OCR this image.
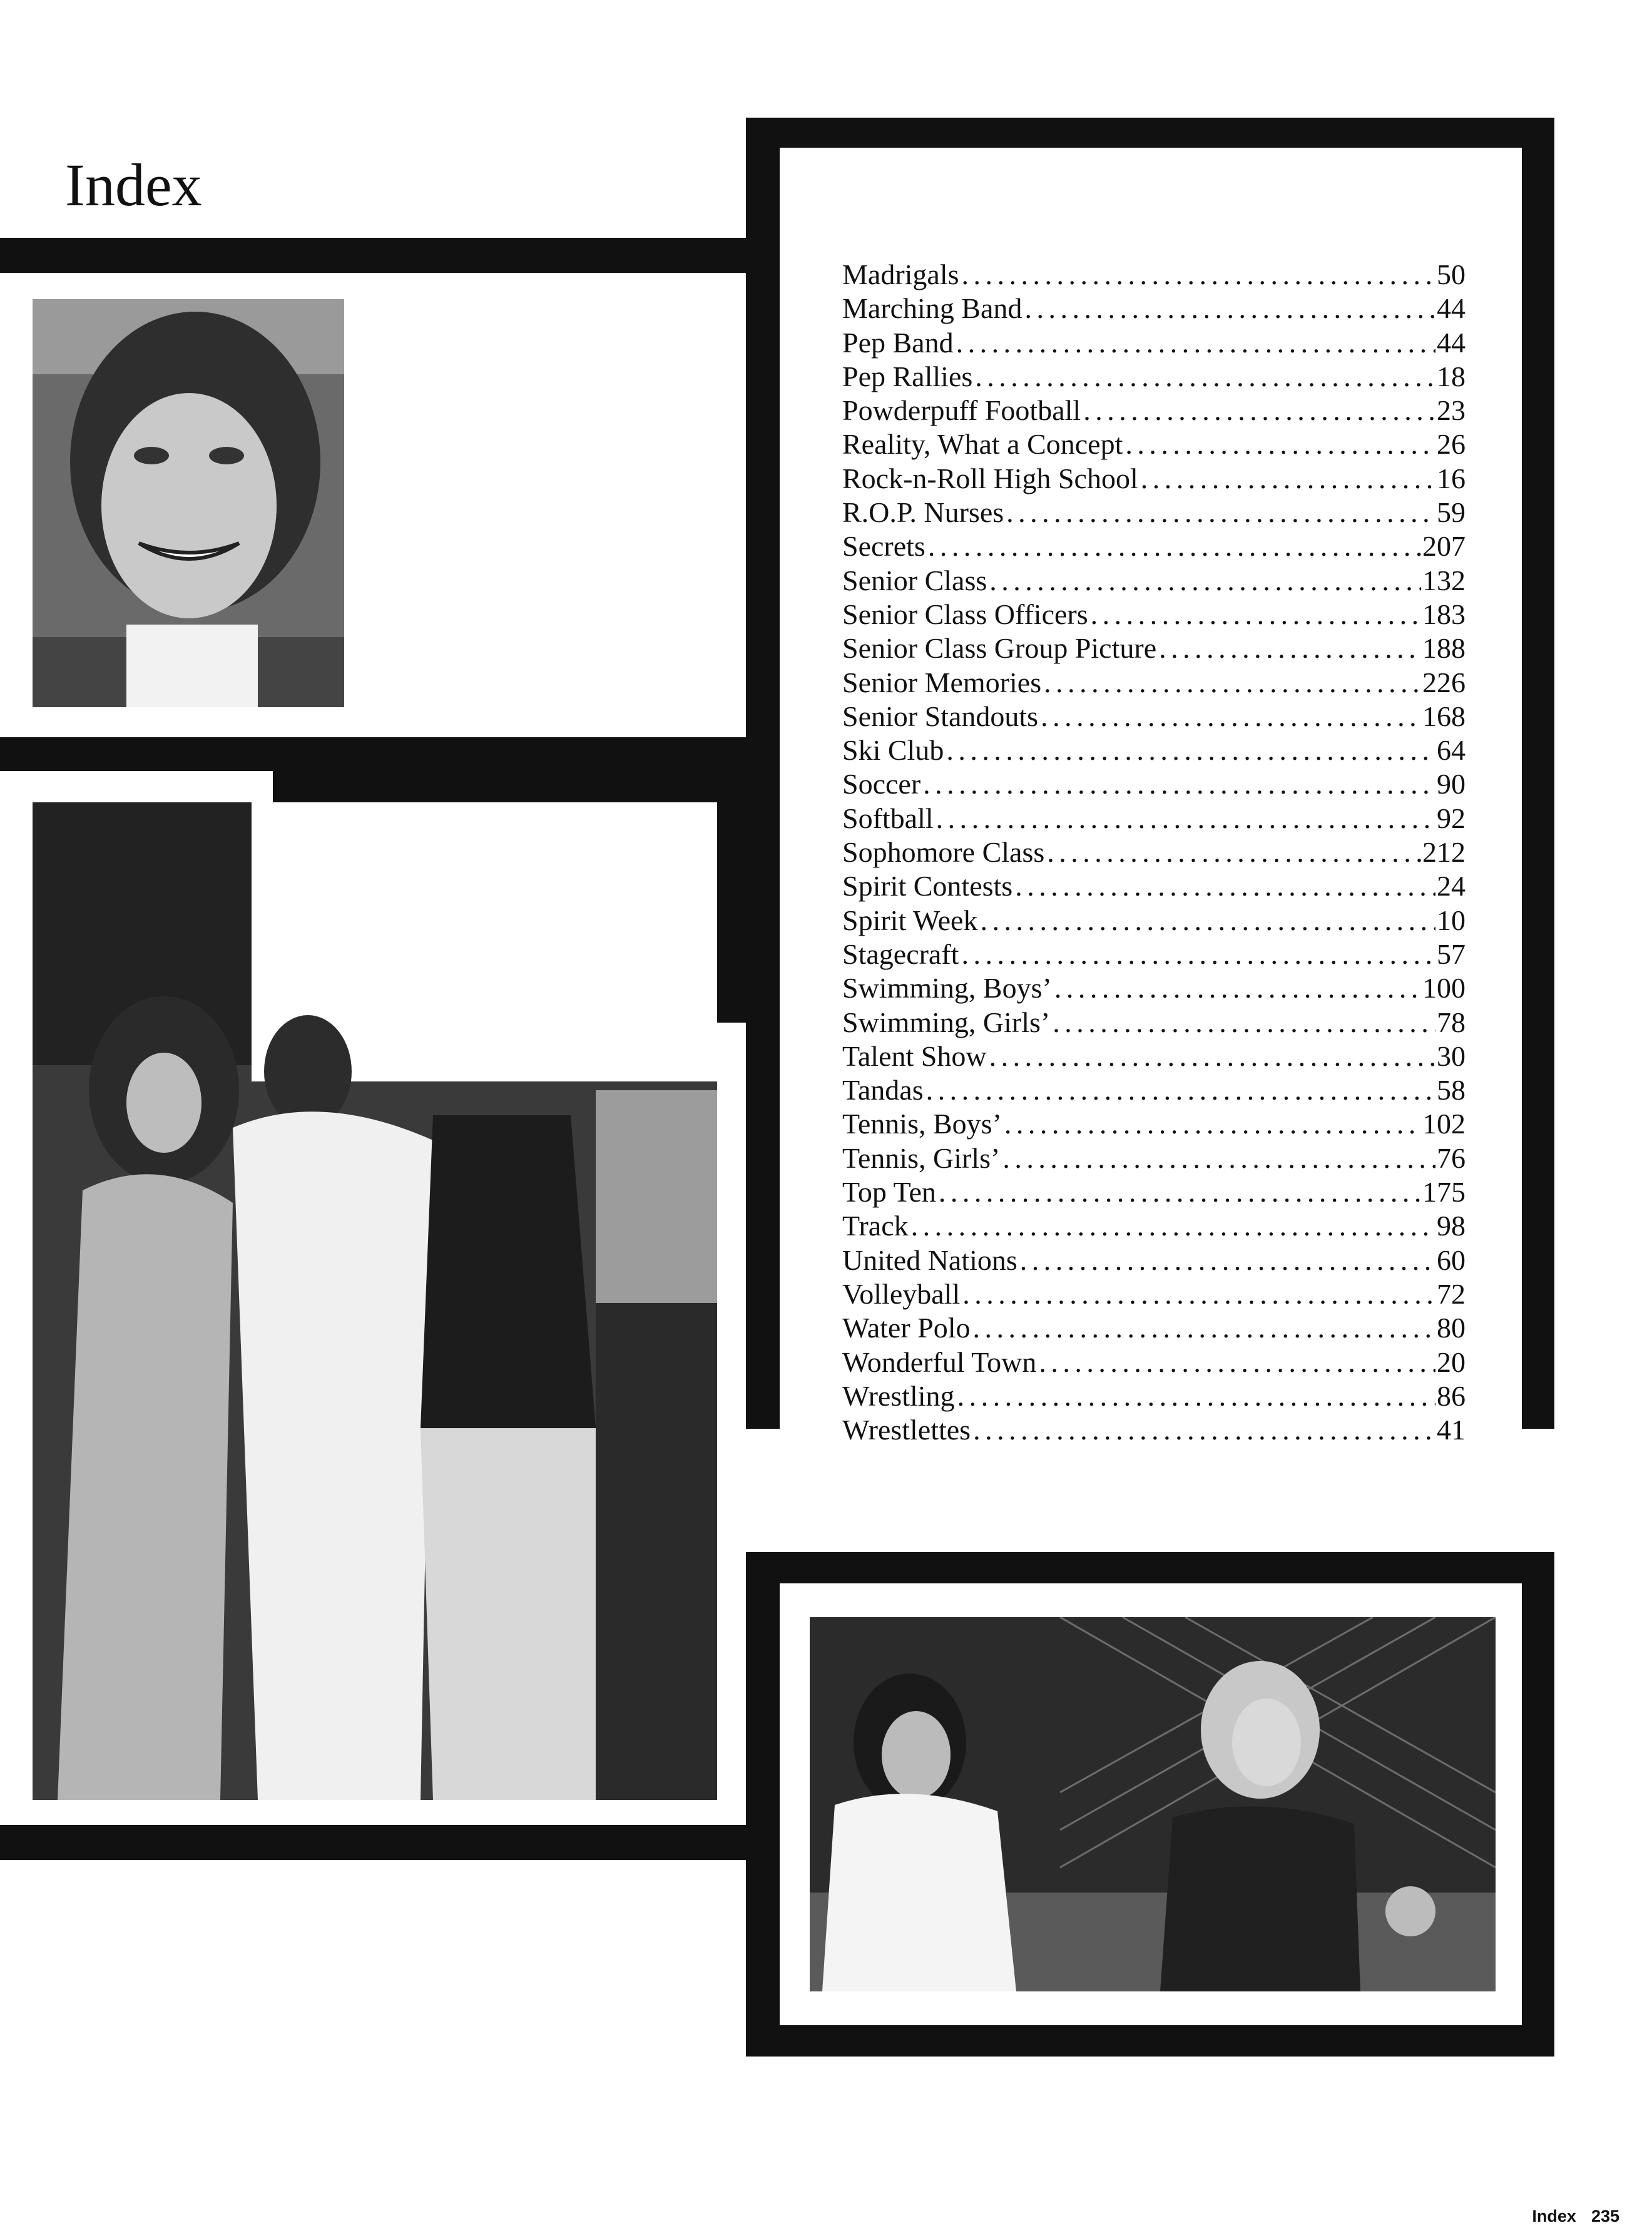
Index
Madrigals . . .	50
Marching Band . . .	44
Pep Band . . .	44
Pep Rallies . . .	18
Powderpuff Football . . .	23
Reality, What a Concept . . .	26
Rock-n-Roll High School . . .	16
R.O.P. Nurses . . .	59
Secrets . . .	207
Senior Class . . .	132
Senior Class Officers . . .	183
Senior Class Group Picture . . .	188
Senior Memories . . .	226
Senior Standouts . . .	168
Ski Club . . .	64
Soccer . . .	90
Softball . . .	92
Sophomore Class . . .	212
Spirit Contests . . .	24
Spirit Week . . .	10
Stagecraft . . .	57
Swimming, Boys’ . . .	100
Swimming, Girls’ . . .	78
Talent Show . . .	30
Tandas . . .	58
Tennis, Boys’ . . .	102
Tennis, Girls’ . . .	76
Top Ten . . .	175
Track . . .	98
United Nations . . .	60
Volleyball . . .	72
Water Polo . . .	80
Wonderful Town . . .	20
Wrestling . . .	86
Wrestlettes . . .	41
Index 235
